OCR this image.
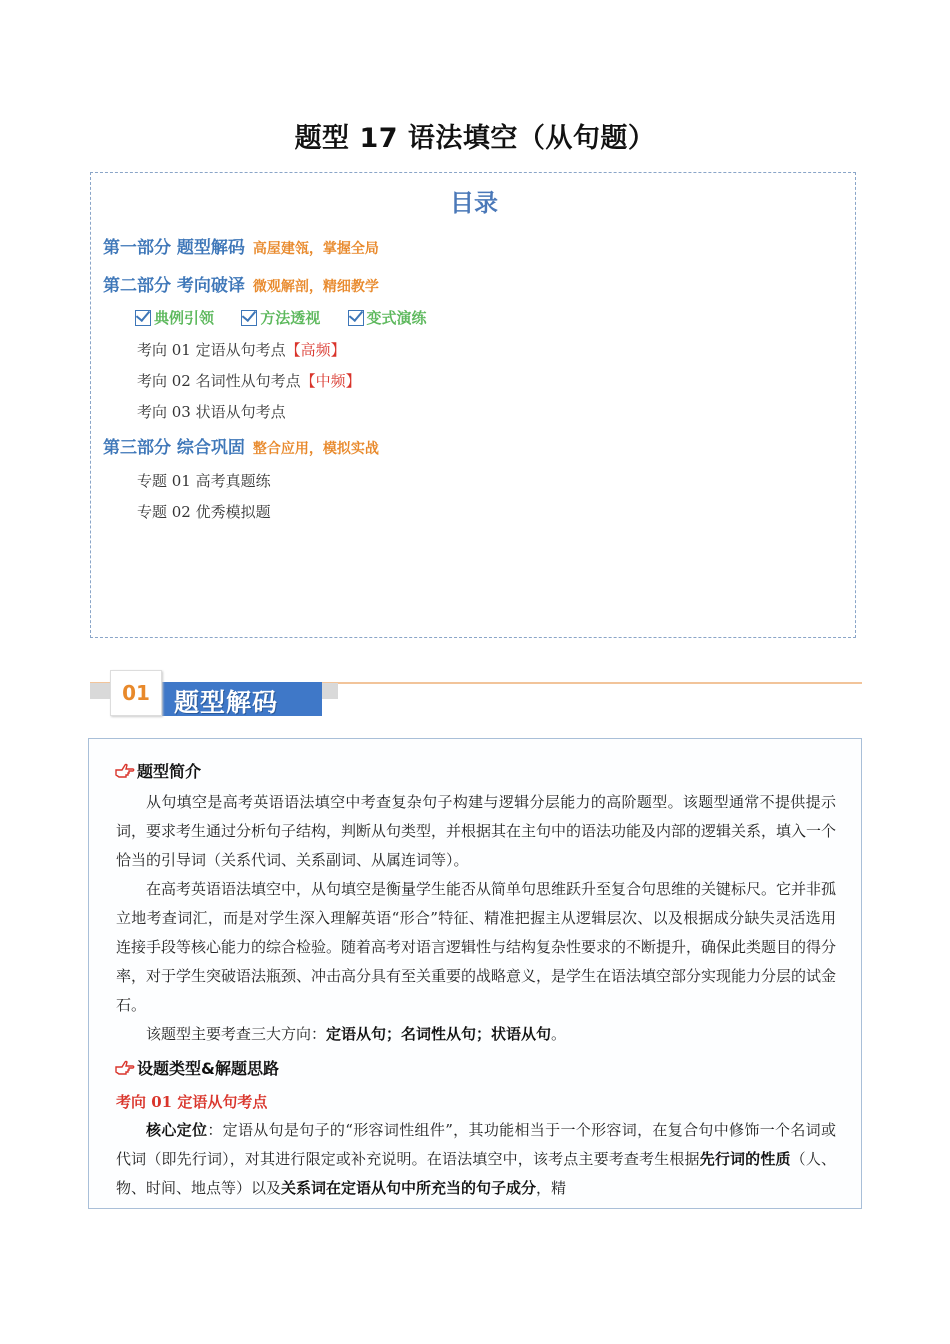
题型 17 语法填空（从句题）
目录
第一部分 题型解码 高屋建瓴，掌握全局
第二部分 考向破译 微观解剖，精细教学
典例引领
	方法透视
	变式演练
考向 01 定语从句考点【高频】
考向 02 名词性从句考点【中频】
考向 03 状语从句考点
第三部分 综合巩固 整合应用，模拟实战
专题 01 高考真题练
专题 02 优秀模拟题
01 题型解码
题型简介

从句填空是高考英语语法填空中考查复杂句子构建与逻辑分层能力的高阶题型。该题型通常不提供提示词，要求考生通过分析句子结构，判断从句类型，并根据其在主句中的语法功能及内部的逻辑关系，填入一个恰当的引导词（关系代词、关系副词、从属连词等）。

在高考英语语法填空中，从句填空是衡量学生能否从简单句思维跃升至复合句思维的关键标尺。它并非孤立地考查词汇，而是对学生深入理解英语“形合”特征、精准把握主从逻辑层次、以及根据成分缺失灵活选用连接手段等核心能力的综合检验。随着高考对语言逻辑性与结构复杂性要求的不断提升，确保此类题目的得分率，对于学生突破语法瓶颈、冲击高分具有至关重要的战略意义，是学生在语法填空部分实现能力分层的试金石。

该题型主要考查三大方向：定语从句；名词性从句；状语从句。

设题类型&解题思路
考向 01 定语从句考点

核心定位：定语从句是句子的“形容词性组件”，其功能相当于一个形容词，在复合句中修饰一个名词或代词（即先行词），对其进行限定或补充说明。在语法填空中，该考点主要考查考生根据先行词的性质（人、物、时间、地点等）以及关系词在定语从句中所充当的句子成分，精
